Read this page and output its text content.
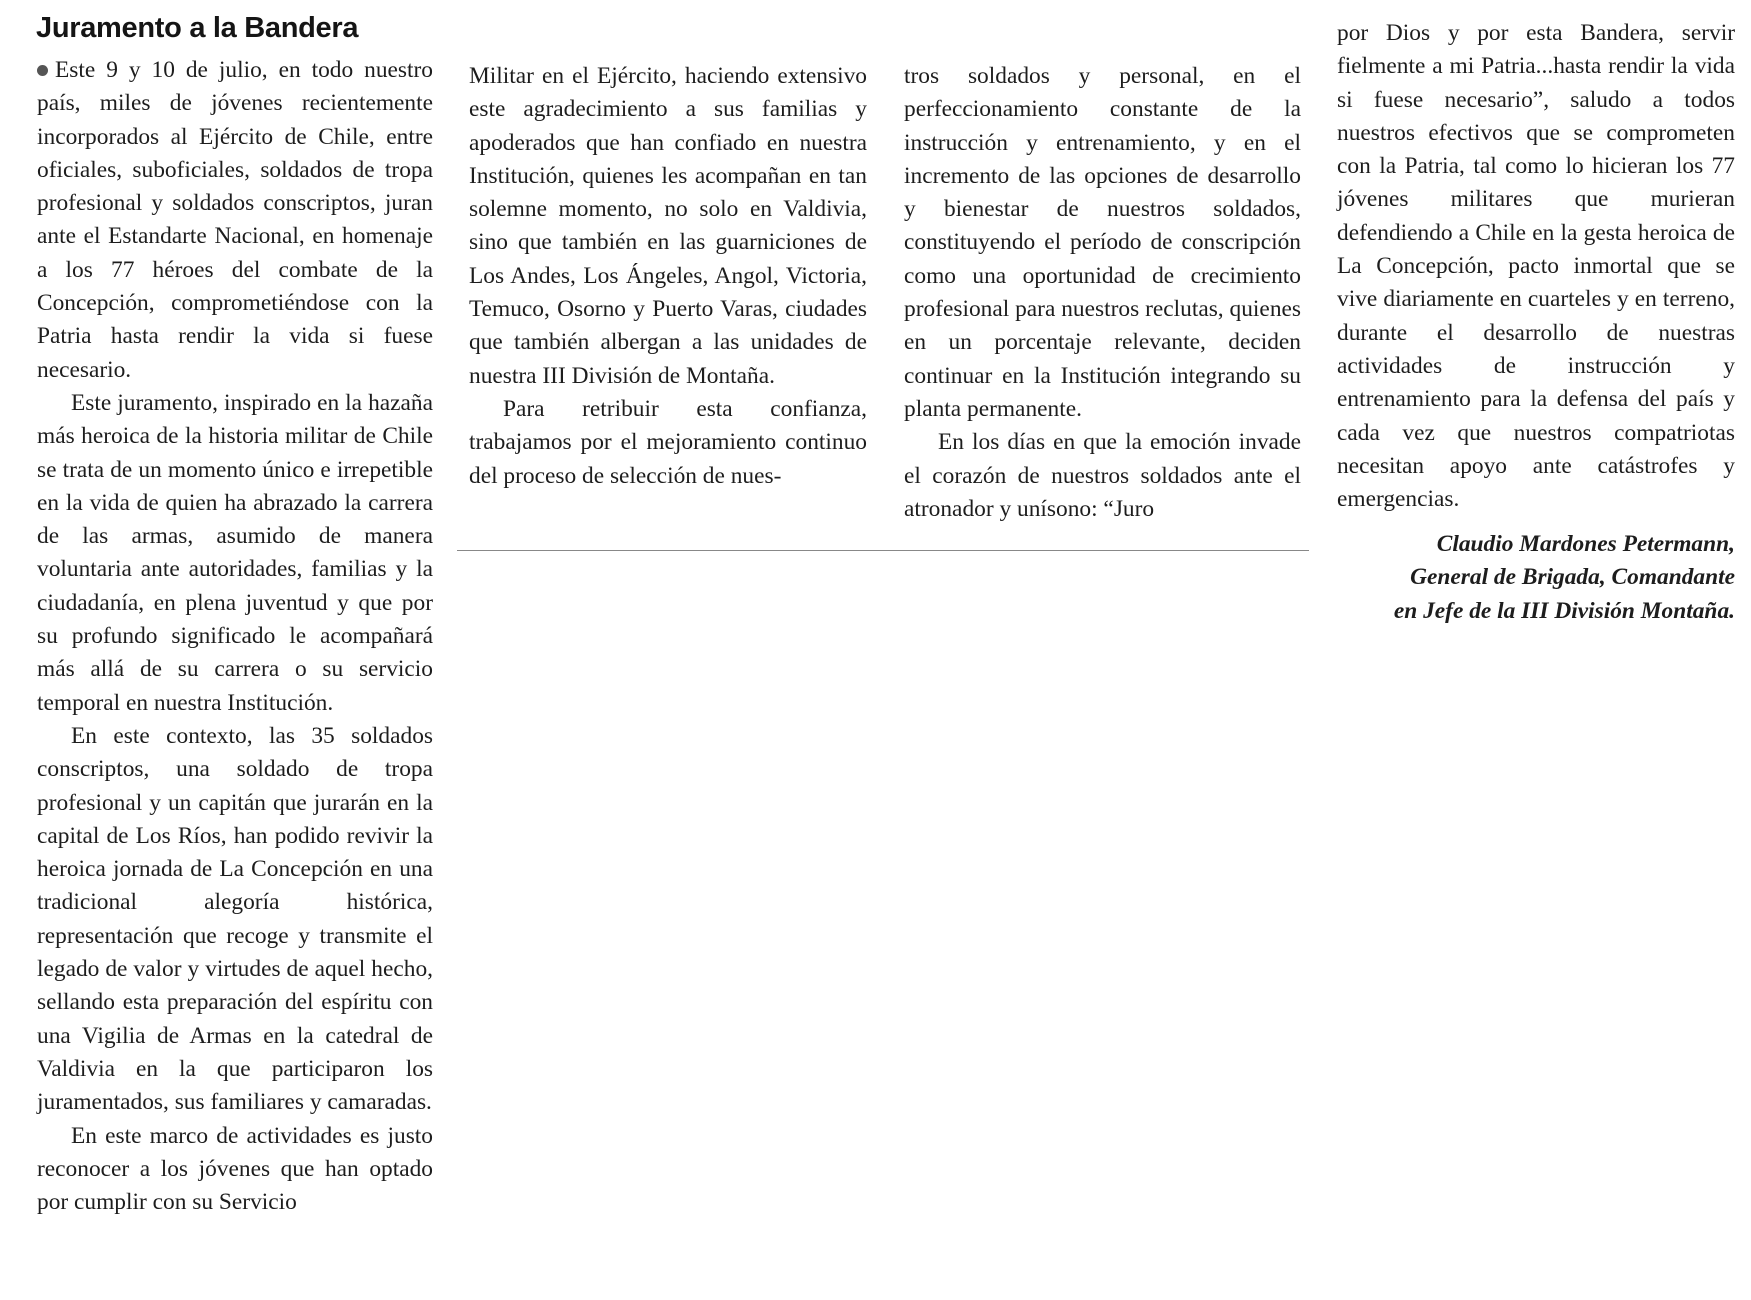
Juramento a la Bandera

Este 9 y 10 de julio, en todo nuestro país, miles de jóvenes recientemente incorporados al Ejército de Chile, entre oficiales, suboficiales, soldados de tropa profesional y soldados conscriptos, juran ante el Estandarte Nacional, en homenaje a los 77 héroes del combate de la Concepción, comprometiéndose con la Patria hasta rendir la vida si fuese necesario.

Este juramento, inspirado en la hazaña más heroica de la historia militar de Chile se trata de un momento único e irrepetible en la vida de quien ha abrazado la carrera de las armas, asumido de manera voluntaria ante autoridades, familias y la ciudadanía, en plena juventud y que por su profundo significado le acompañará más allá de su carrera o su servicio temporal en nuestra Institución.

En este contexto, las 35 soldados conscriptos, una soldado de tropa profesional y un capitán que jurarán en la capital de Los Ríos, han podido revivir la heroica jornada de La Concepción en una tradicional alegoría histórica, representación que recoge y transmite el legado de valor y virtudes de aquel hecho, sellando esta preparación del espíritu con una Vigilia de Armas en la catedral de Valdivia en la que participaron los juramentados, sus familiares y camaradas.

En este marco de actividades es justo reconocer a los jóvenes que han optado por cumplir con su Servicio

Militar en el Ejército, haciendo extensivo este agradecimiento a sus familias y apoderados que han confiado en nuestra Institución, quienes les acompañan en tan solemne momento, no solo en Valdivia, sino que también en las guarniciones de Los Andes, Los Ángeles, Angol, Victoria, Temuco, Osorno y Puerto Varas, ciudades que también albergan a las unidades de nuestra III División de Montaña.

Para retribuir esta confianza, trabajamos por el mejoramiento continuo del proceso de selección de nues-

tros soldados y personal, en el perfeccionamiento constante de la instrucción y entrenamiento, y en el incremento de las opciones de desarrollo y bienestar de nuestros soldados, constituyendo el período de conscripción como una oportunidad de crecimiento profesional para nuestros reclutas, quienes en un porcentaje relevante, deciden continuar en la Institución integrando su planta permanente.

En los días en que la emoción invade el corazón de nuestros soldados ante el atronador y unísono: “Juro

por Dios y por esta Bandera, servir fielmente a mi Patria...hasta rendir la vida si fuese necesario”, saludo a todos nuestros efectivos que se comprometen con la Patria, tal como lo hicieran los 77 jóvenes militares que murieran defendiendo a Chile en la gesta heroica de La Concepción, pacto inmortal que se vive diariamente en cuarteles y en terreno, durante el desarrollo de nuestras actividades de instrucción y entrenamiento para la defensa del país y cada vez que nuestros compatriotas necesitan apoyo ante catástrofes y emergencias.

Claudio Mardones Petermann,
General de Brigada, Comandante
en Jefe de la III División Montaña.
